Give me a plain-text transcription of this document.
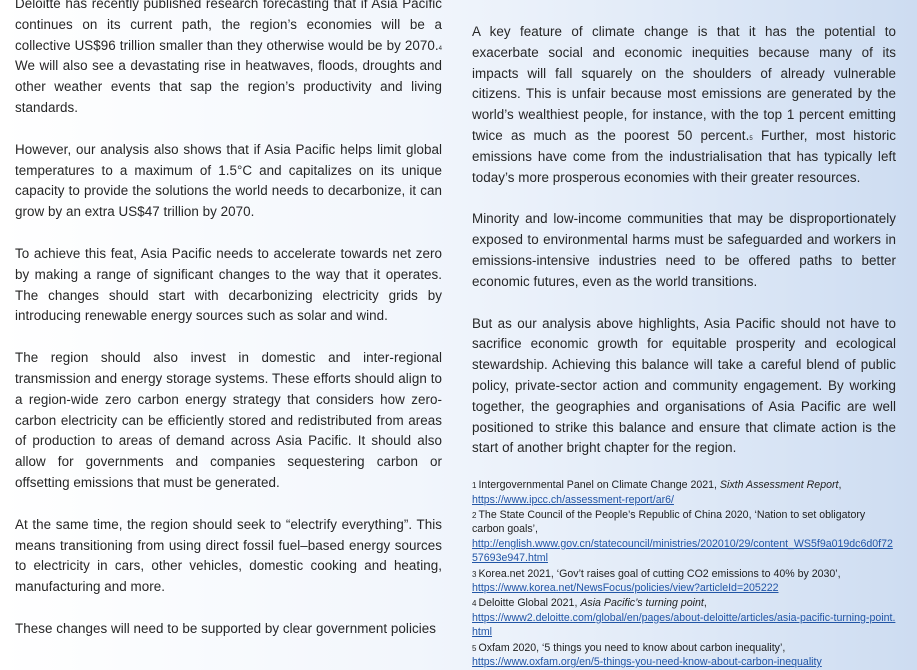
Deloitte has recently published research forecasting that if Asia Pacific continues on its current path, the region’s economies will be a collective US$96 trillion smaller than they otherwise would be by 2070.$^4$ We will also see a devastating rise in heatwaves, floods, droughts and other weather events that sap the region’s productivity and living standards.

However, our analysis also shows that if Asia Pacific helps limit global temperatures to a maximum of 1.5°C and capitalizes on its unique capacity to provide the solutions the world needs to decarbonize, it can grow by an extra US$47 trillion by 2070.

To achieve this feat, Asia Pacific needs to accelerate towards net zero by making a range of significant changes to the way that it operates. The changes should start with decarbonizing electricity grids by introducing renewable energy sources such as solar and wind.

The region should also invest in domestic and inter-regional transmission and energy storage systems. These efforts should align to a region-wide zero carbon energy strategy that considers how zero-carbon electricity can be efficiently stored and redistributed from areas of production to areas of demand across Asia Pacific. It should also allow for governments and companies sequestering carbon or offsetting emissions that must be generated.

At the same time, the region should seek to “electrify everything”. This means transitioning from using direct fossil fuel–based energy sources to electricity in cars, other vehicles, domestic cooking and heating, manufacturing and more.

These changes will need to be supported by clear government policies

A key feature of climate change is that it has the potential to exacerbate social and economic inequities because many of its impacts will fall squarely on the shoulders of already vulnerable citizens. This is unfair because most emissions are generated by the world’s wealthiest people, for instance, with the top 1 percent emitting twice as much as the poorest 50 percent.$^5$ Further, most historic emissions have come from the industrialisation that has typically left today’s more prosperous economies with their greater resources.

Minority and low-income communities that may be disproportionately exposed to environmental harms must be safeguarded and workers in emissions-intensive industries need to be offered paths to better economic futures, even as the world transitions.

But as our analysis above highlights, Asia Pacific should not have to sacrifice economic growth for equitable prosperity and ecological stewardship. Achieving this balance will take a careful blend of public policy, private-sector action and community engagement. By working together, the geographies and organisations of Asia Pacific are well positioned to strike this balance and ensure that climate action is the start of another bright chapter for the region.

$^1$ Intergovernmental Panel on Climate Change 2021, Sixth Assessment Report,
https://www.ipcc.ch/assessment-report/ar6/
$^2$ The State Council of the People’s Republic of China 2020, ‘Nation to set obligatory carbon goals’,
http://english.www.gov.cn/statecouncil/ministries/202010/29/content_WS5f9a019dc6d0f7257693e947.html
$^3$ Korea.net 2021, ‘Gov’t raises goal of cutting CO2 emissions to 40% by 2030’,
https://www.korea.net/NewsFocus/policies/view?articleId=205222
$^4$ Deloitte Global 2021, Asia Pacific’s turning point,
https://www2.deloitte.com/global/en/pages/about-deloitte/articles/asia-pacific-turning-point.html
$^5$ Oxfam 2020, ‘5 things you need to know about carbon inequality’,
https://www.oxfam.org/en/5-things-you-need-know-about-carbon-inequality
